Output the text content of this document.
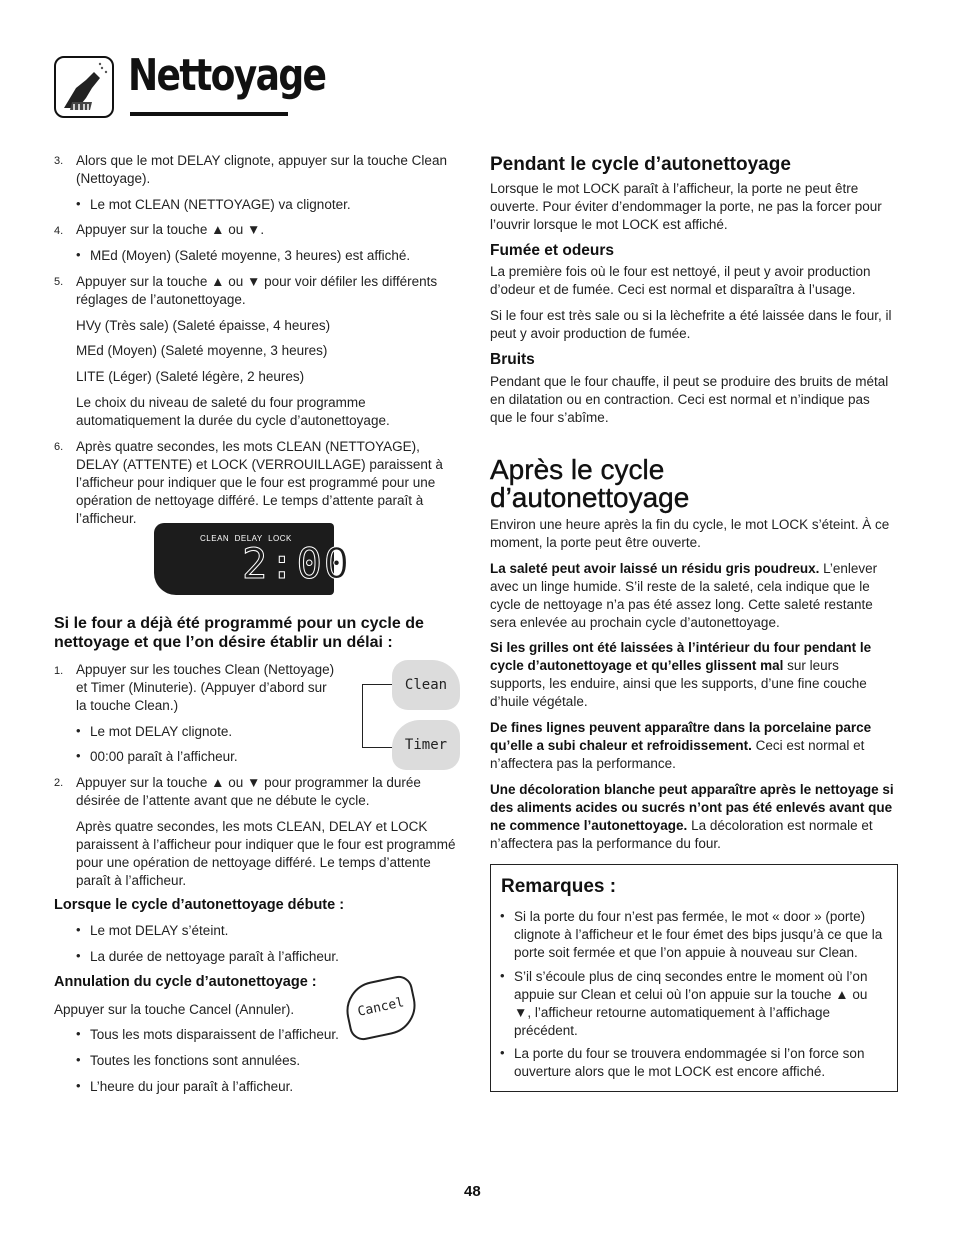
Nettoyage
3. Alors que le mot DELAY clignote, appuyer sur la touche Clean (Nettoyage).

• Le mot CLEAN (NETTOYAGE) va clignoter.

4. Appuyer sur la touche ▲ ou ▼.

• MEd (Moyen) (Saleté moyenne, 3 heures) est affiché.

5. Appuyer sur la touche ▲ ou ▼ pour voir défiler les différents réglages de l’autonettoyage.

HVy (Très sale) (Saleté épaisse, 4 heures)

MEd (Moyen) (Saleté moyenne, 3 heures)

LITE (Léger) (Saleté légère, 2 heures)

Le choix du niveau de saleté du four programme automatiquement la durée du cycle d’autonettoyage.

6. Après quatre secondes, les mots CLEAN (NETTOYAGE), DELAY (ATTENTE) et LOCK (VERROUILLAGE) paraissent à l’afficheur pour indiquer que le four est programmé pour une opération de nettoyage différé. Le temps d’attente paraît à l’afficheur.

CLEAN  DELAY  LOCK
2:00
Si le four a déjà été programmé pour un cycle de nettoyage et que l’on désire établir un délai :
1. Appuyer sur les touches Clean (Nettoyage) et Timer (Minuterie). (Appuyer d’abord sur la touche Clean.)

• Le mot DELAY clignote.

• 00:00 paraît à l’afficheur.

Clean
Timer
2. Appuyer sur la touche ▲ ou ▼ pour programmer la durée désirée de l’attente avant que ne débute le cycle.

Après quatre secondes, les mots CLEAN, DELAY et LOCK paraissent à l’afficheur pour indiquer que le four est programmé pour une opération de nettoyage différé. Le temps d’attente paraît à l’afficheur.

Lorsque le cycle d’autonettoyage débute :
• Le mot DELAY s’éteint.

• La durée de nettoyage paraît à l’afficheur.

Annulation du cycle d’autonettoyage :
Cancel

Appuyer sur la touche Cancel (Annuler).

• Tous les mots disparaissent de l’afficheur.

• Toutes les fonctions sont annulées.

• L’heure du jour paraît à l’afficheur.

Pendant le cycle d’autonettoyage

Lorsque le mot LOCK paraît à l’afficheur, la porte ne peut être ouverte. Pour éviter d’endommager la porte, ne pas la forcer pour l’ouvrir lorsque le mot LOCK est affiché.

Fumée et odeurs

La première fois où le four est nettoyé, il peut y avoir production d’odeur et de fumée. Ceci est normal et disparaîtra à l’usage.

Si le four est très sale ou si la lèchefrite a été laissée dans le four, il peut y avoir production de fumée.

Bruits

Pendant que le four chauffe, il peut se produire des bruits de métal en dilatation ou en contraction. Ceci est normal et n’indique pas que le four s’abîme.

Après le cycle d’autonettoyage

Environ une heure après la fin du cycle, le mot LOCK s’éteint. À ce moment, la porte peut être ouverte.

La saleté peut avoir laissé un résidu gris poudreux. L’enlever avec un linge humide. S’il reste de la saleté, cela indique que le cycle de nettoyage n’a pas été assez long. Cette saleté restante sera enlevée au prochain cycle d’autonettoyage.

Si les grilles ont été laissées à l’intérieur du four pendant le cycle d’autonettoyage et qu’elles glissent mal sur leurs supports, les enduire, ainsi que les supports, d’une fine couche d’huile végétale.

De fines lignes peuvent apparaître dans la porcelaine parce qu’elle a subi chaleur et refroidissement. Ceci est normal et n’affectera pas la performance.

Une décoloration blanche peut apparaître après le nettoyage si des aliments acides ou sucrés n’ont pas été enlevés avant que ne commence l’autonettoyage. La décoloration est normale et n’affectera pas la performance du four.

Remarques :
• Si la porte du four n’est pas fermée, le mot « door » (porte) clignote à l’afficheur et le four émet des bips jusqu’à ce que la porte soit fermée et que l’on appuie à nouveau sur Clean.

• S’il s’écoule plus de cinq secondes entre le moment où l’on appuie sur Clean et celui où l’on appuie sur la touche ▲ ou ▼, l’afficheur retourne automatiquement à l’affichage précédent.

• La porte du four se trouvera endommagée si l’on force son ouverture alors que le mot LOCK est encore affiché.

48
